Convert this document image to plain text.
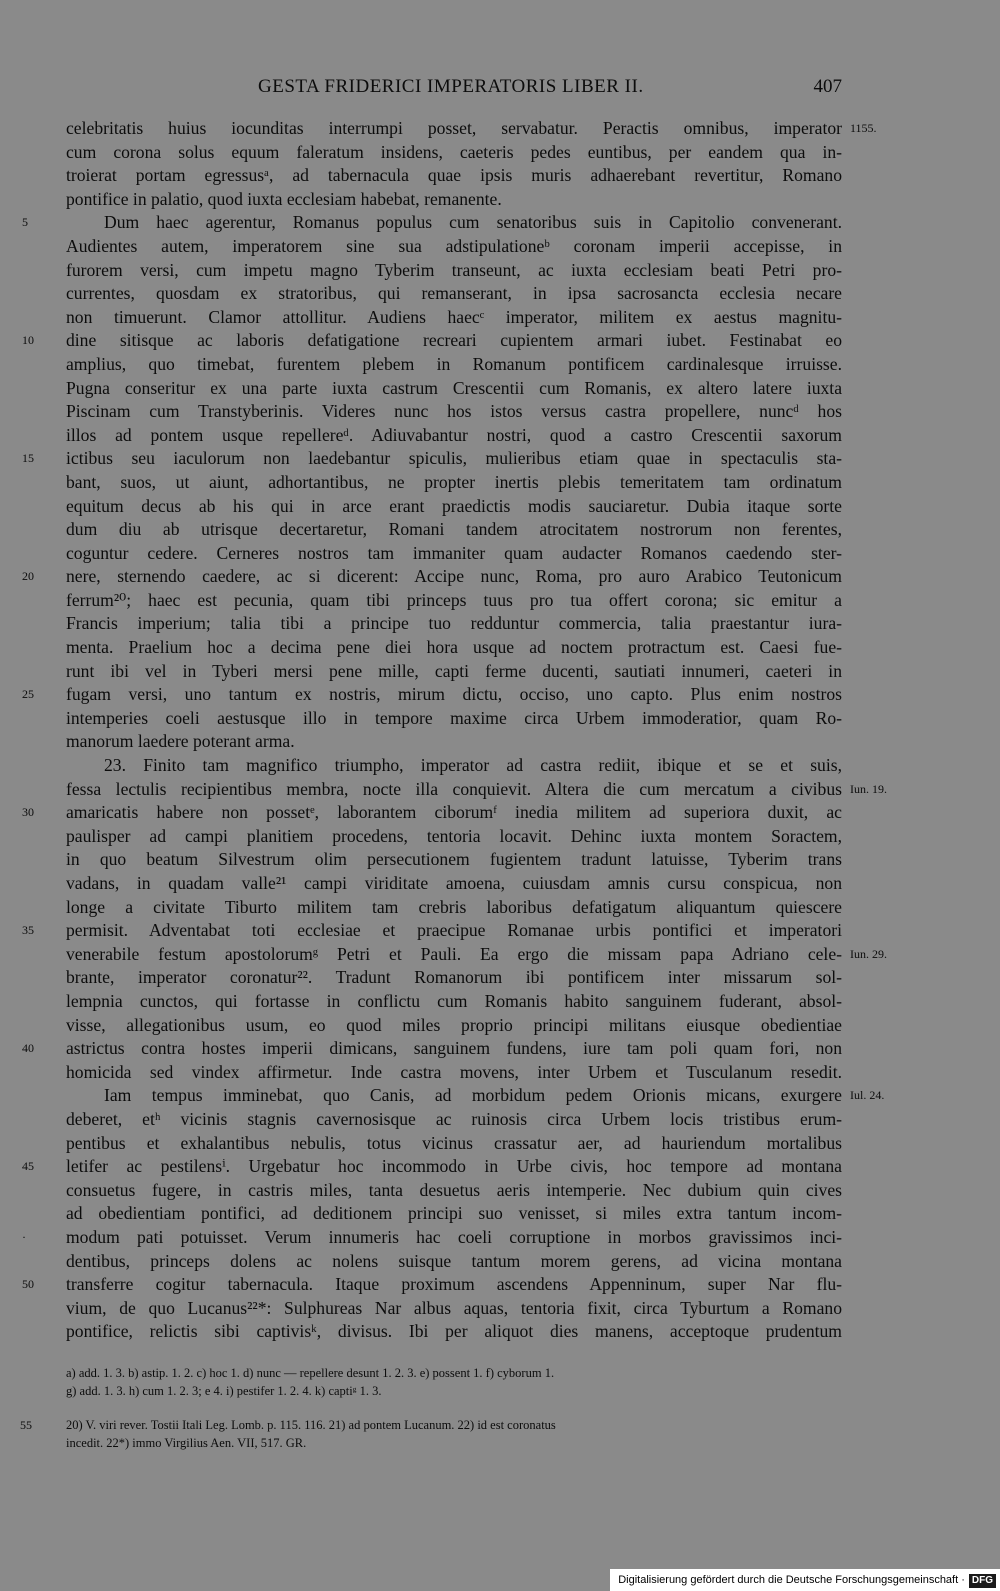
GESTA FRIDERICI IMPERATORIS LIBER II.	407
celebritatis huius iocunditas interrumpi posset, servabatur. Peractis omnibus, imperator 1155.
cum corona solus equum faleratum insidens, caeteris pedes euntibus, per eandem qua in-
troierat portam egressusᵃ, ad tabernacula quae ipsis muris adhaerebant revertitur, Romano
pontifice in palatio, quod iuxta ecclesiam habebat, remanente.
5	Dum haec agerentur, Romanus populus cum senatoribus suis in Capitolio convenerant.
Audientes autem, imperatorem sine sua adstipulationeᵇ coronam imperii accepisse, in
furorem versi, cum impetu magno Tyberim transeunt, ac iuxta ecclesiam beati Petri pro-
currentes, quosdam ex stratoribus, qui remanserant, in ipsa sacrosancta ecclesia necare
non timuerunt. Clamor attollitur. Audiens haecᶜ imperator, militem ex aestus magnitu-
10	dine sitisque ac laboris defatigatione recreari cupientem armari iubet. Festinabat eo
amplius, quo timebat, furentem plebem in Romanum pontificem cardinalesque irruisse.
Pugna conseritur ex una parte iuxta castrum Crescentii cum Romanis, ex altero latere iuxta
Piscinam cum Transtyberinis. Videres nunc hos istos versus castra propellere, nuncᵈ hos
illos ad pontem usque repellereᵈ. Adiuvabantur nostri, quod a castro Crescentii saxorum
15	ictibus seu iaculorum non laedebantur spiculis, mulieribus etiam quae in spectaculis sta-
bant, suos, ut aiunt, adhortantibus, ne propter inertis plebis temeritatem tam ordinatum
equitum decus ab his qui in arce erant praedictis modis sauciaretur. Dubia itaque sorte
dum diu ab utrisque decertaretur, Romani tandem atrocitatem nostrorum non ferentes,
coguntur cedere. Cerneres nostros tam immaniter quam audacter Romanos caedendo ster-
20	nere, sternendo caedere, ac si dicerent: Accipe nunc, Roma, pro auro Arabico Teutonicum
ferrum²⁰; haec est pecunia, quam tibi princeps tuus pro tua offert corona; sic emitur a
Francis imperium; talia tibi a principe tuo redduntur commercia, talia praestantur iura-
menta. Praelium hoc a decima pene diei hora usque ad noctem protractum est. Caesi fue-
runt ibi vel in Tyberi mersi pene mille, capti ferme ducenti, sautiati innumeri, caeteri in
25	fugam versi, uno tantum ex nostris, mirum dictu, occiso, uno capto. Plus enim nostros
intemperies coeli aestusque illo in tempore maxime circa Urbem immoderatior, quam Ro-
manorum laedere poterant arma.
23. Finito tam magnifico triumpho, imperator ad castra rediit, ibique et se et suis,
fessa lectulis recipientibus membra, nocte illa conquievit. Altera die cum mercatum a civibus Iun. 19.
30	amaricatis habere non possetᵉ, laborantem ciborumᶠ inedia militem ad superiora duxit, ac
paulisper ad campi planitiem procedens, tentoria locavit. Dehinc iuxta montem Soractem,
in quo beatum Silvestrum olim persecutionem fugientem tradunt latuisse, Tyberim trans
vadans, in quadam valle²¹ campi viriditate amoena, cuiusdam amnis cursu conspicua, non
longe a civitate Tiburto militem tam crebris laboribus defatigatum aliquantum quiescere
35	permisit. Adventabat toti ecclesiae et praecipue Romanae urbis pontifici et imperatori
venerabile festum apostolorumᵍ Petri et Pauli. Ea ergo die missam papa Adriano cele- Iun. 29.
brante, imperator coronatur²². Tradunt Romanorum ibi pontificem inter missarum sol-
lempnia cunctos, qui fortasse in conflictu cum Romanis habito sanguinem fuderant, absol-
visse, allegationibus usum, eo quod miles proprio principi militans eiusque obedientiae
40	astrictus contra hostes imperii dimicans, sanguinem fundens, iure tam poli quam fori, non
homicida sed vindex affirmetur. Inde castra movens, inter Urbem et Tusculanum resedit.
Iam tempus imminebat, quo Canis, ad morbidum pedem Orionis micans, exurgere Iul. 24.
deberet, etʰ vicinis stagnis cavernosisque ac ruinosis circa Urbem locis tristibus erum-
pentibus et exhalantibus nebulis, totus vicinus crassatur aer, ad hauriendum mortalibus
45	letifer ac pestilensⁱ. Urgebatur hoc incommodo in Urbe civis, hoc tempore ad montana
consuetus fugere, in castris miles, tanta desuetus aeris intemperie. Nec dubium quin cives
ad obedientiam pontifici, ad deditionem principi suo venisset, si miles extra tantum incom-
·	modum pati potuisset. Verum innumeris hac coeli corruptione in morbos gravissimos inci-
dentibus, princeps dolens ac nolens suisque tantum morem gerens, ad vicina montana
50	transferre cogitur tabernacula. Itaque proximum ascendens Appenninum, super Nar flu-
vium, de quo Lucanus²²*: Sulphureas Nar albus aquas, tentoria fixit, circa Tyburtum a Romano
pontifice, relictis sibi captivisᵏ, divisus. Ibi per aliquot dies manens, acceptoque prudentum
a) add. 1. 3. b) astip. 1. 2. c) hoc 1. d) nunc — repellere desunt 1. 2. 3. e) possent 1. f) cyborum 1.
g) add. 1. 3. h) cum 1. 2. 3; e 4. i) pestifer 1. 2. 4. k) captiᵍ 1. 3.
55	20) V. viri rever. Tostii Itali Leg. Lomb. p. 115. 116. 21) ad pontem Lucanum. 22) id est coronatus
incedit. 22*) immo Virgilius Aen. VII, 517. GR.
Digitalisierung gefördert durch die Deutsche Forschungsgemeinschaft · DFG
